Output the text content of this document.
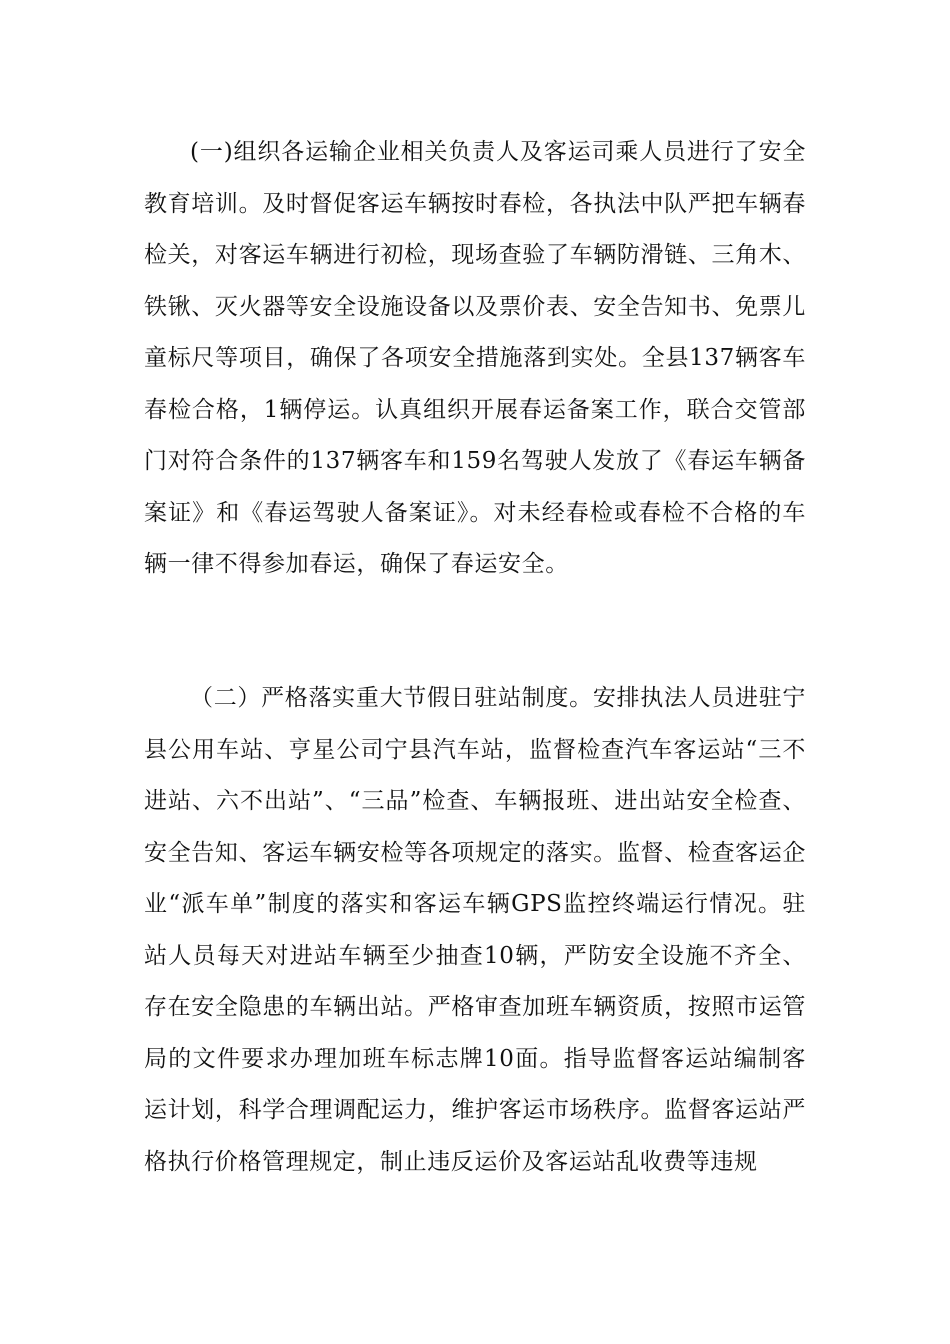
(一)组织各运输企业相关负责人及客运司乘人员进行了安全教育培训。及时督促客运车辆按时春检，各执法中队严把车辆春检关，对客运车辆进行初检，现场查验了车辆防滑链、三角木、铁锹、灭火器等安全设施设备以及票价表、安全告知书、免票儿童标尺等项目，确保了各项安全措施落到实处。全县137辆客车春检合格，1辆停运。认真组织开展春运备案工作，联合交管部门对符合条件的137辆客车和159名驾驶人发放了《春运车辆备案证》和《春运驾驶人备案证》。对未经春检或春检不合格的车辆一律不得参加春运，确保了春运安全。

（二）严格落实重大节假日驻站制度。安排执法人员进驻宁县公用车站、亨星公司宁县汽车站，监督检查汽车客运站“三不进站、六不出站”、“三品”检查、车辆报班、进出站安全检查、安全告知、客运车辆安检等各项规定的落实。监督、检查客运企业“派车单”制度的落实和客运车辆GPS监控终端运行情况。驻站人员每天对进站车辆至少抽查10辆，严防安全设施不齐全、存在安全隐患的车辆出站。严格审查加班车辆资质，按照市运管局的文件要求办理加班车标志牌10面。指导监督客运站编制客运计划，科学合理调配运力，维护客运市场秩序。监督客运站严格执行价格管理规定，制止违反运价及客运站乱收费等违规
